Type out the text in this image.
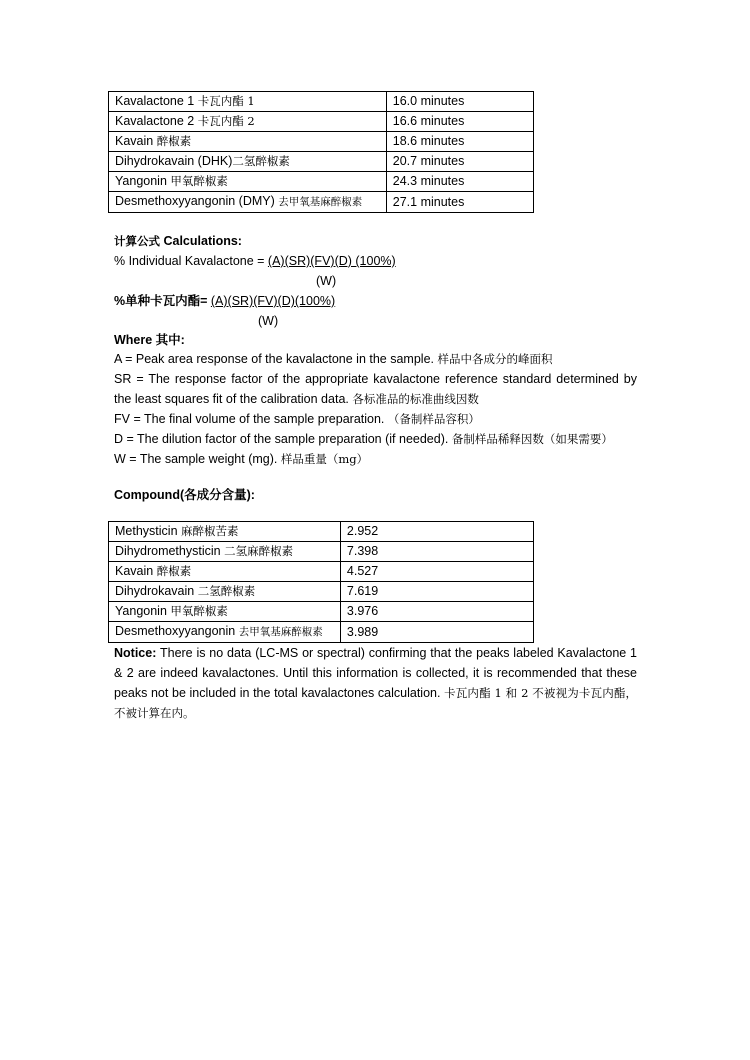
Kavalactone 1 卡瓦内酯 1	16.0 minutes
Kavalactone 2 卡瓦内酯 2	16.6 minutes
Kavain 醉椒素	18.6 minutes
Dihydrokavain (DHK)二氢醉椒素	20.7 minutes
Yangonin 甲氧醉椒素	24.3 minutes
Desmethoxyyangonin (DMY) 去甲氧基麻醉椒素	27.1 minutes
计算公式 Calculations:
% Individual Kavalactone = (A)(SR)(FV)(D) (100%)
(W)
%单种卡瓦内酯= (A)(SR)(FV)(D)(100%)
(W)
Where 其中:
A = Peak area response of the kavalactone in the sample. 样品中各成分的峰面积
SR = The response factor of the appropriate kavalactone reference standard determined by the least squares fit of the calibration data. 各标准品的标准曲线因数
FV = The final volume of the sample preparation. （备制样品容积）
D = The dilution factor of the sample preparation (if needed). 备制样品稀释因数（如果需要）
W = The sample weight (mg). 样品重量（mg）
Compound(各成分含量):
Methysticin 麻醉椒苦素	2.952
Dihydromethysticin 二氢麻醉椒素	7.398
Kavain 醉椒素	4.527
Dihydrokavain 二氢醉椒素	7.619
Yangonin 甲氧醉椒素	3.976
Desmethoxyyangonin 去甲氧基麻醉椒素	3.989
Notice: There is no data (LC-MS or spectral) confirming that the peaks labeled Kavalactone 1 & 2 are indeed kavalactones. Until this information is collected, it is recommended that these peaks not be included in the total kavalactones calculation. 卡瓦内酯 1 和 2 不被视为卡瓦内酯，不被计算在内。
